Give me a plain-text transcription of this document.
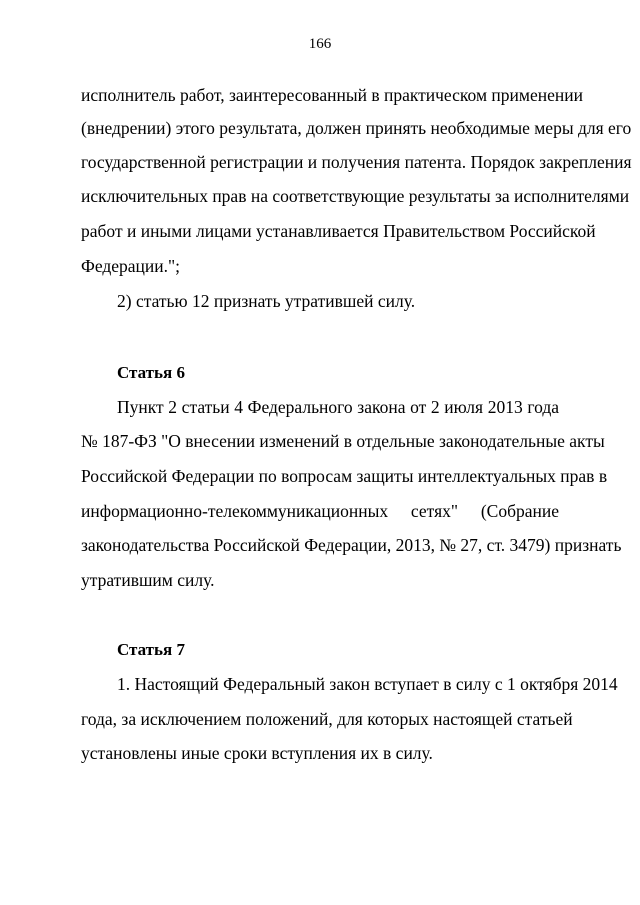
166

исполнитель работ, заинтересованный в практическом применении

(внедрении) этого результата, должен принять необходимые меры для его

государственной регистрации и получения патента. Порядок закрепления

исключительных прав на соответствующие результаты за исполнителями

работ и иными лицами устанавливается Правительством Российской

Федерации.";

2) статью 12 признать утратившей силу.

Статья 6

Пункт 2 статьи 4 Федерального закона от 2 июля 2013 года

№ 187-ФЗ "О внесении изменений в отдельные законодательные акты

Российской Федерации по вопросам защиты интеллектуальных прав в

информационно-телекоммуникационных сетях" (Собрание

законодательства Российской Федерации, 2013, № 27, ст. 3479) признать

утратившим силу.

Статья 7

1. Настоящий Федеральный закон вступает в силу с 1 октября 2014

года, за исключением положений, для которых настоящей статьей

установлены иные сроки вступления их в силу.
